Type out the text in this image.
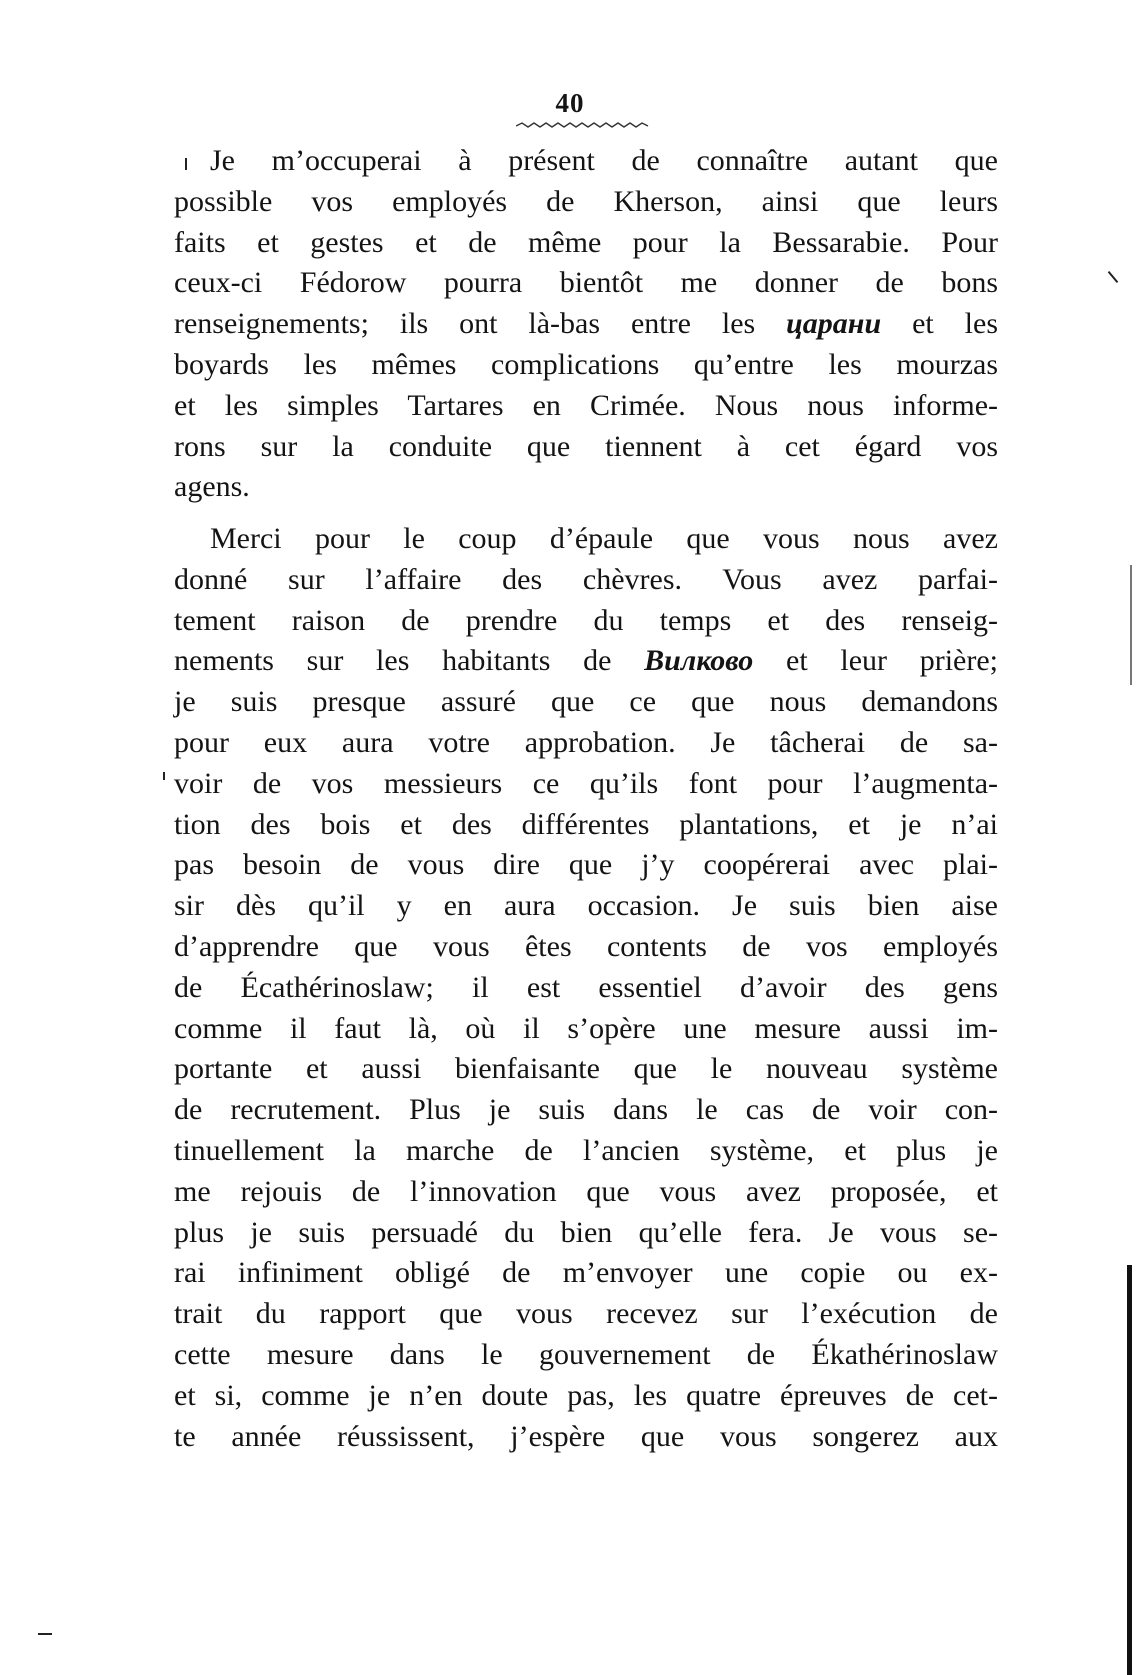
40
Je m’occuperai à présent de connaître autant que
possible vos employés de Kherson, ainsi que leurs
faits et gestes et de même pour la Bessarabie. Pour
ceux-ci Fédorow pourra bientôt me donner de bons
renseignements; ils ont là-bas entre les царани et les
boyards les mêmes complications qu’entre les mourzas
et les simples Tartares en Crimée. Nous nous informe-
rons sur la conduite que tiennent à cet égard vos
agens.
Merci pour le coup d’épaule que vous nous avez
donné sur l’affaire des chèvres. Vous avez parfai-
tement raison de prendre du temps et des renseig-
nements sur les habitants de Вилково et leur prière;
je suis presque assuré que ce que nous demandons
pour eux aura votre approbation. Je tâcherai de sa-
voir de vos messieurs ce qu’ils font pour l’augmenta-
tion des bois et des différentes plantations, et je n’ai
pas besoin de vous dire que j’y coopérerai avec plai-
sir dès qu’il y en aura occasion. Je suis bien aise
d’apprendre que vous êtes contents de vos employés
de Écathérinoslaw; il est essentiel d’avoir des gens
comme il faut là, où il s’opère une mesure aussi im-
portante et aussi bienfaisante que le nouveau système
de recrutement. Plus je suis dans le cas de voir con-
tinuellement la marche de l’ancien système, et plus je
me rejouis de l’innovation que vous avez proposée, et
plus je suis persuadé du bien qu’elle fera. Je vous se-
rai infiniment obligé de m’envoyer une copie ou ex-
trait du rapport que vous recevez sur l’exécution de
cette mesure dans le gouvernement de Ékathérinoslaw
et si, comme je n’en doute pas, les quatre épreuves de cet-
te année réussissent, j’espère que vous songerez aux
